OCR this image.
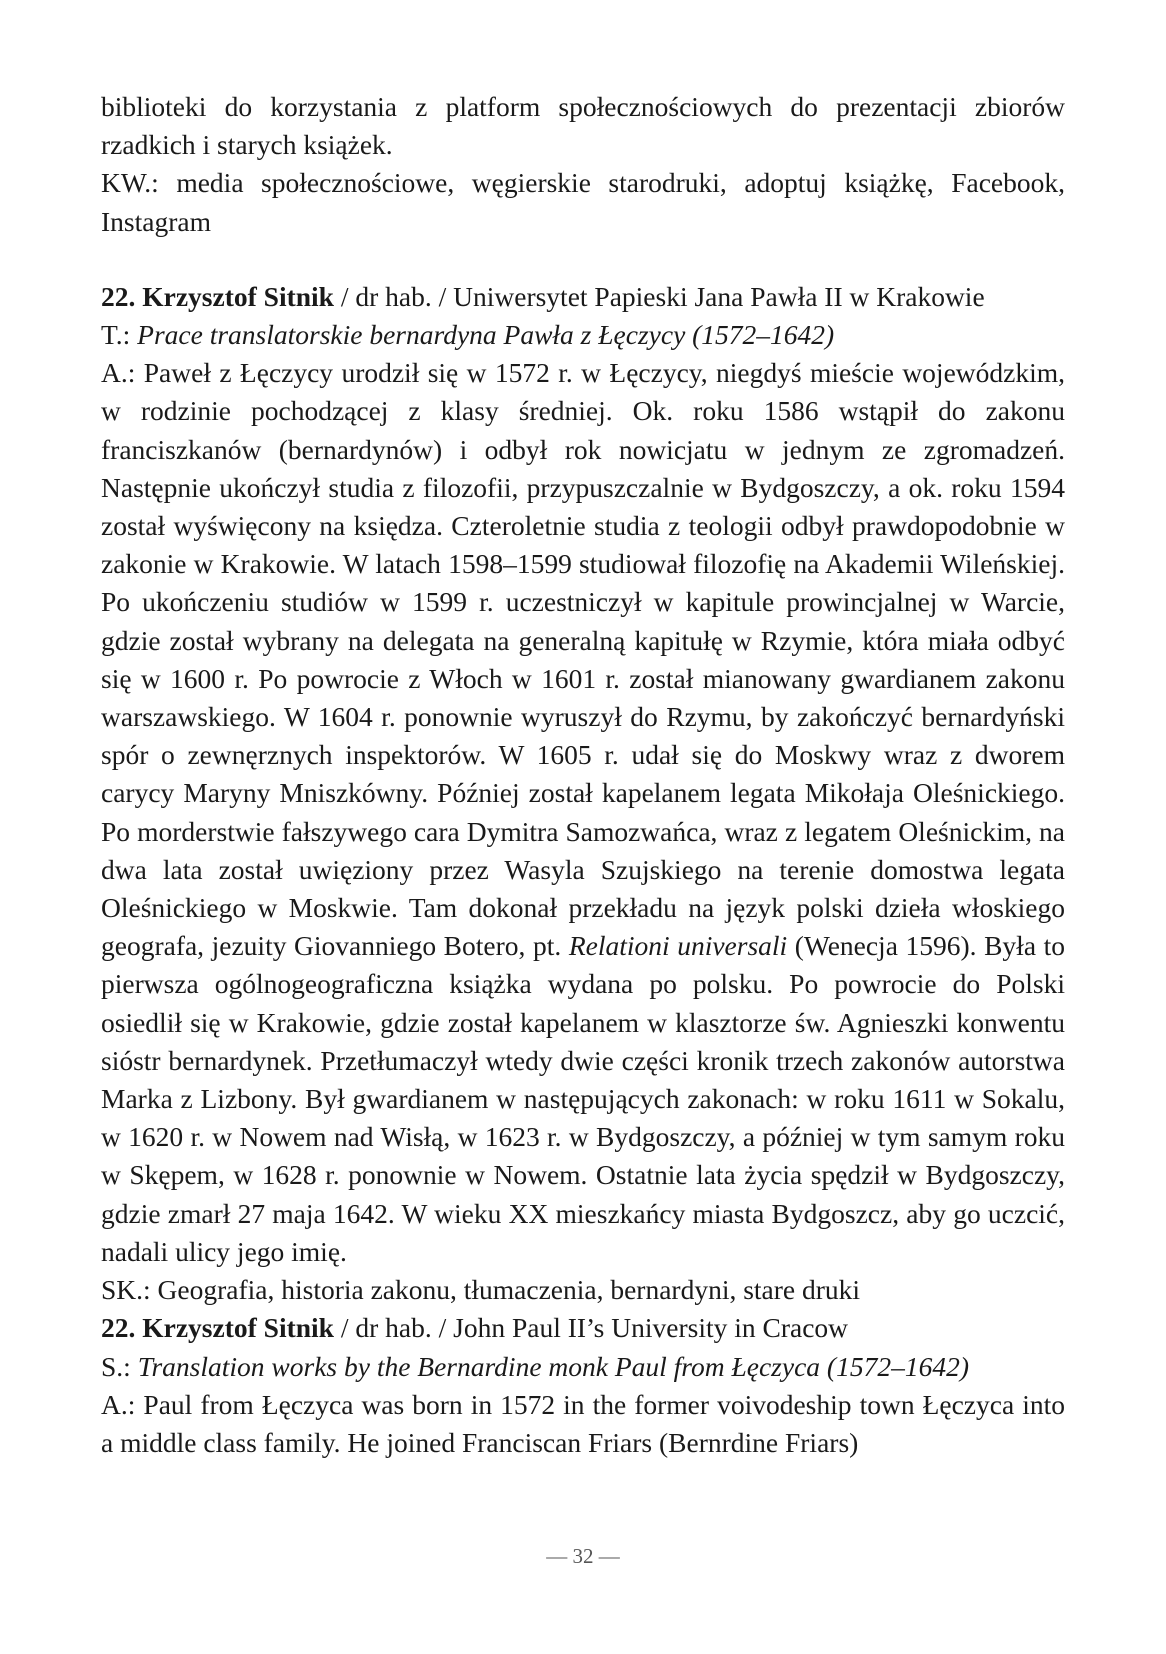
biblioteki do korzystania z platform społecznościowych do prezentacji zbiorów rzadkich i starych książek.

KW.: media społecznościowe, węgierskie starodruki, adoptuj książkę, Facebook, Instagram

22. Krzysztof Sitnik / dr hab. / Uniwersytet Papieski Jana Pawła II w Krakowie

T.: Prace translatorskie bernardyna Pawła z Łęczycy (1572–1642)

A.: Paweł z Łęczycy urodził się w 1572 r. w Łęczycy, niegdyś mieście wojewódzkim, w rodzinie pochodzącej z klasy średniej. Ok. roku 1586 wstąpił do zakonu franciszkanów (bernardynów) i odbył rok nowicjatu w jednym ze zgromadzeń. Następnie ukończył studia z filozofii, przypuszczalnie w Bydgoszczy, a ok. roku 1594 został wyświęcony na księdza. Czteroletnie studia z teologii odbył prawdopodobnie w zakonie w Krakowie. W latach 1598–1599 studiował filozofię na Akademii Wileńskiej. Po ukończeniu studiów w 1599 r. uczestniczył w kapitule prowincjalnej w Warcie, gdzie został wybrany na delegata na generalną kapitułę w Rzymie, która miała odbyć się w 1600 r. Po powrocie z Włoch w 1601 r. został mianowany gwardianem zakonu warszawskiego. W 1604 r. ponownie wyruszył do Rzymu, by zakończyć bernardyński spór o zewnęrznych inspektorów. W 1605 r. udał się do Moskwy wraz z dworem carycy Maryny Mniszkówny. Później został kapelanem legata Mikołaja Oleśnickiego. Po morderstwie fałszywego cara Dymitra Samozwańca, wraz z legatem Oleśnickim, na dwa lata został uwięziony przez Wasyla Szujskiego na terenie domostwa legata Oleśnickiego w Moskwie. Tam dokonał przekładu na język polski dzieła włoskiego geografa, jezuity Giovanniego Botero, pt. Relationi universali (Wenecja 1596). Była to pierwsza ogólnogeograficzna książka wydana po polsku. Po powrocie do Polski osiedlił się w Krakowie, gdzie został kapelanem w klasztorze św. Agnieszki konwentu sióstr bernardynek. Przetłumaczył wtedy dwie części kronik trzech zakonów autorstwa Marka z Lizbony. Był gwardianem w następujących zakonach: w roku 1611 w Sokalu, w 1620 r. w Nowem nad Wisłą, w 1623 r. w Bydgoszczy, a później w tym samym roku w Skępem, w 1628 r. ponownie w Nowem. Ostatnie lata życia spędził w Bydgoszczy, gdzie zmarł 27 maja 1642. W wieku XX mieszkańcy miasta Bydgoszcz, aby go uczcić, nadali ulicy jego imię.

SK.: Geografia, historia zakonu, tłumaczenia, bernardyni, stare druki

22. Krzysztof Sitnik / dr hab. / John Paul II’s University in Cracow

S.: Translation works by the Bernardine monk Paul from Łęczyca (1572–1642)

A.: Paul from Łęczyca was born in 1572 in the former voivodeship town Łęczyca into a middle class family. He joined Franciscan Friars (Bernrdine Friars)

— 32 —
